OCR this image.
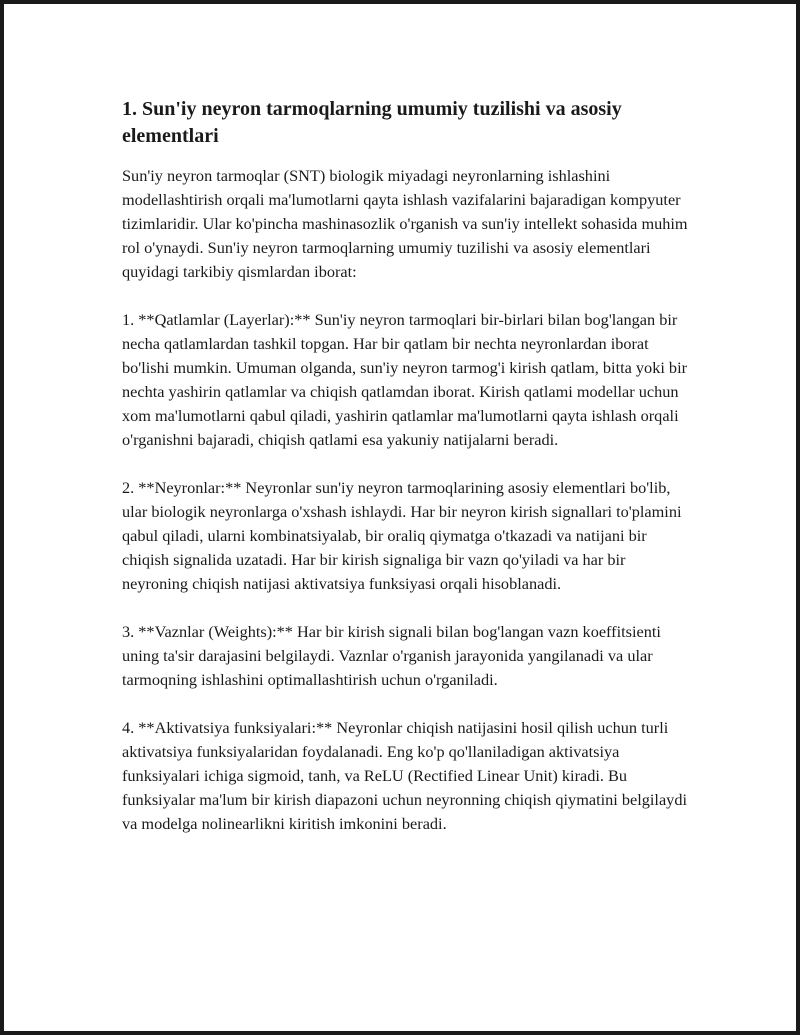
1. Sun'iy neyron tarmoqlarning umumiy tuzilishi va asosiy elementlari

Sun'iy neyron tarmoqlar (SNT) biologik miyadagi neyronlarning ishlashini modellashtirish orqali ma'lumotlarni qayta ishlash vazifalarini bajaradigan kompyuter tizimlaridir. Ular ko'pincha mashinasozlik o'rganish va sun'iy intellekt sohasida muhim rol o'ynaydi. Sun'iy neyron tarmoqlarning umumiy tuzilishi va asosiy elementlari quyidagi tarkibiy qismlardan iborat:

1. **Qatlamlar (Layerlar):** Sun'iy neyron tarmoqlari bir-birlari bilan bog'langan bir necha qatlamlardan tashkil topgan. Har bir qatlam bir nechta neyronlardan iborat bo'lishi mumkin. Umuman olganda, sun'iy neyron tarmog'i kirish qatlam, bitta yoki bir nechta yashirin qatlamlar va chiqish qatlamdan iborat. Kirish qatlami modellar uchun xom ma'lumotlarni qabul qiladi, yashirin qatlamlar ma'lumotlarni qayta ishlash orqali o'rganishni bajaradi, chiqish qatlami esa yakuniy natijalarni beradi.

2. **Neyronlar:** Neyronlar sun'iy neyron tarmoqlarining asosiy elementlari bo'lib, ular biologik neyronlarga o'xshash ishlaydi. Har bir neyron kirish signallari to'plamini qabul qiladi, ularni kombinatsiyalab, bir oraliq qiymatga o'tkazadi va natijani bir chiqish signalida uzatadi. Har bir kirish signaliga bir vazn qo'yiladi va har bir neyroning chiqish natijasi aktivatsiya funksiyasi orqali hisoblanadi.

3. **Vaznlar (Weights):** Har bir kirish signali bilan bog'langan vazn koeffitsienti uning ta'sir darajasini belgilaydi. Vaznlar o'rganish jarayonida yangilanadi va ular tarmoqning ishlashini optimallashtirish uchun o'rganiladi.

4. **Aktivatsiya funksiyalari:** Neyronlar chiqish natijasini hosil qilish uchun turli aktivatsiya funksiyalaridan foydalanadi. Eng ko'p qo'llaniladigan aktivatsiya funksiyalari ichiga sigmoid, tanh, va ReLU (Rectified Linear Unit) kiradi. Bu funksiyalar ma'lum bir kirish diapazoni uchun neyronning chiqish qiymatini belgilaydi va modelga nolinearlikni kiritish imkonini beradi.
